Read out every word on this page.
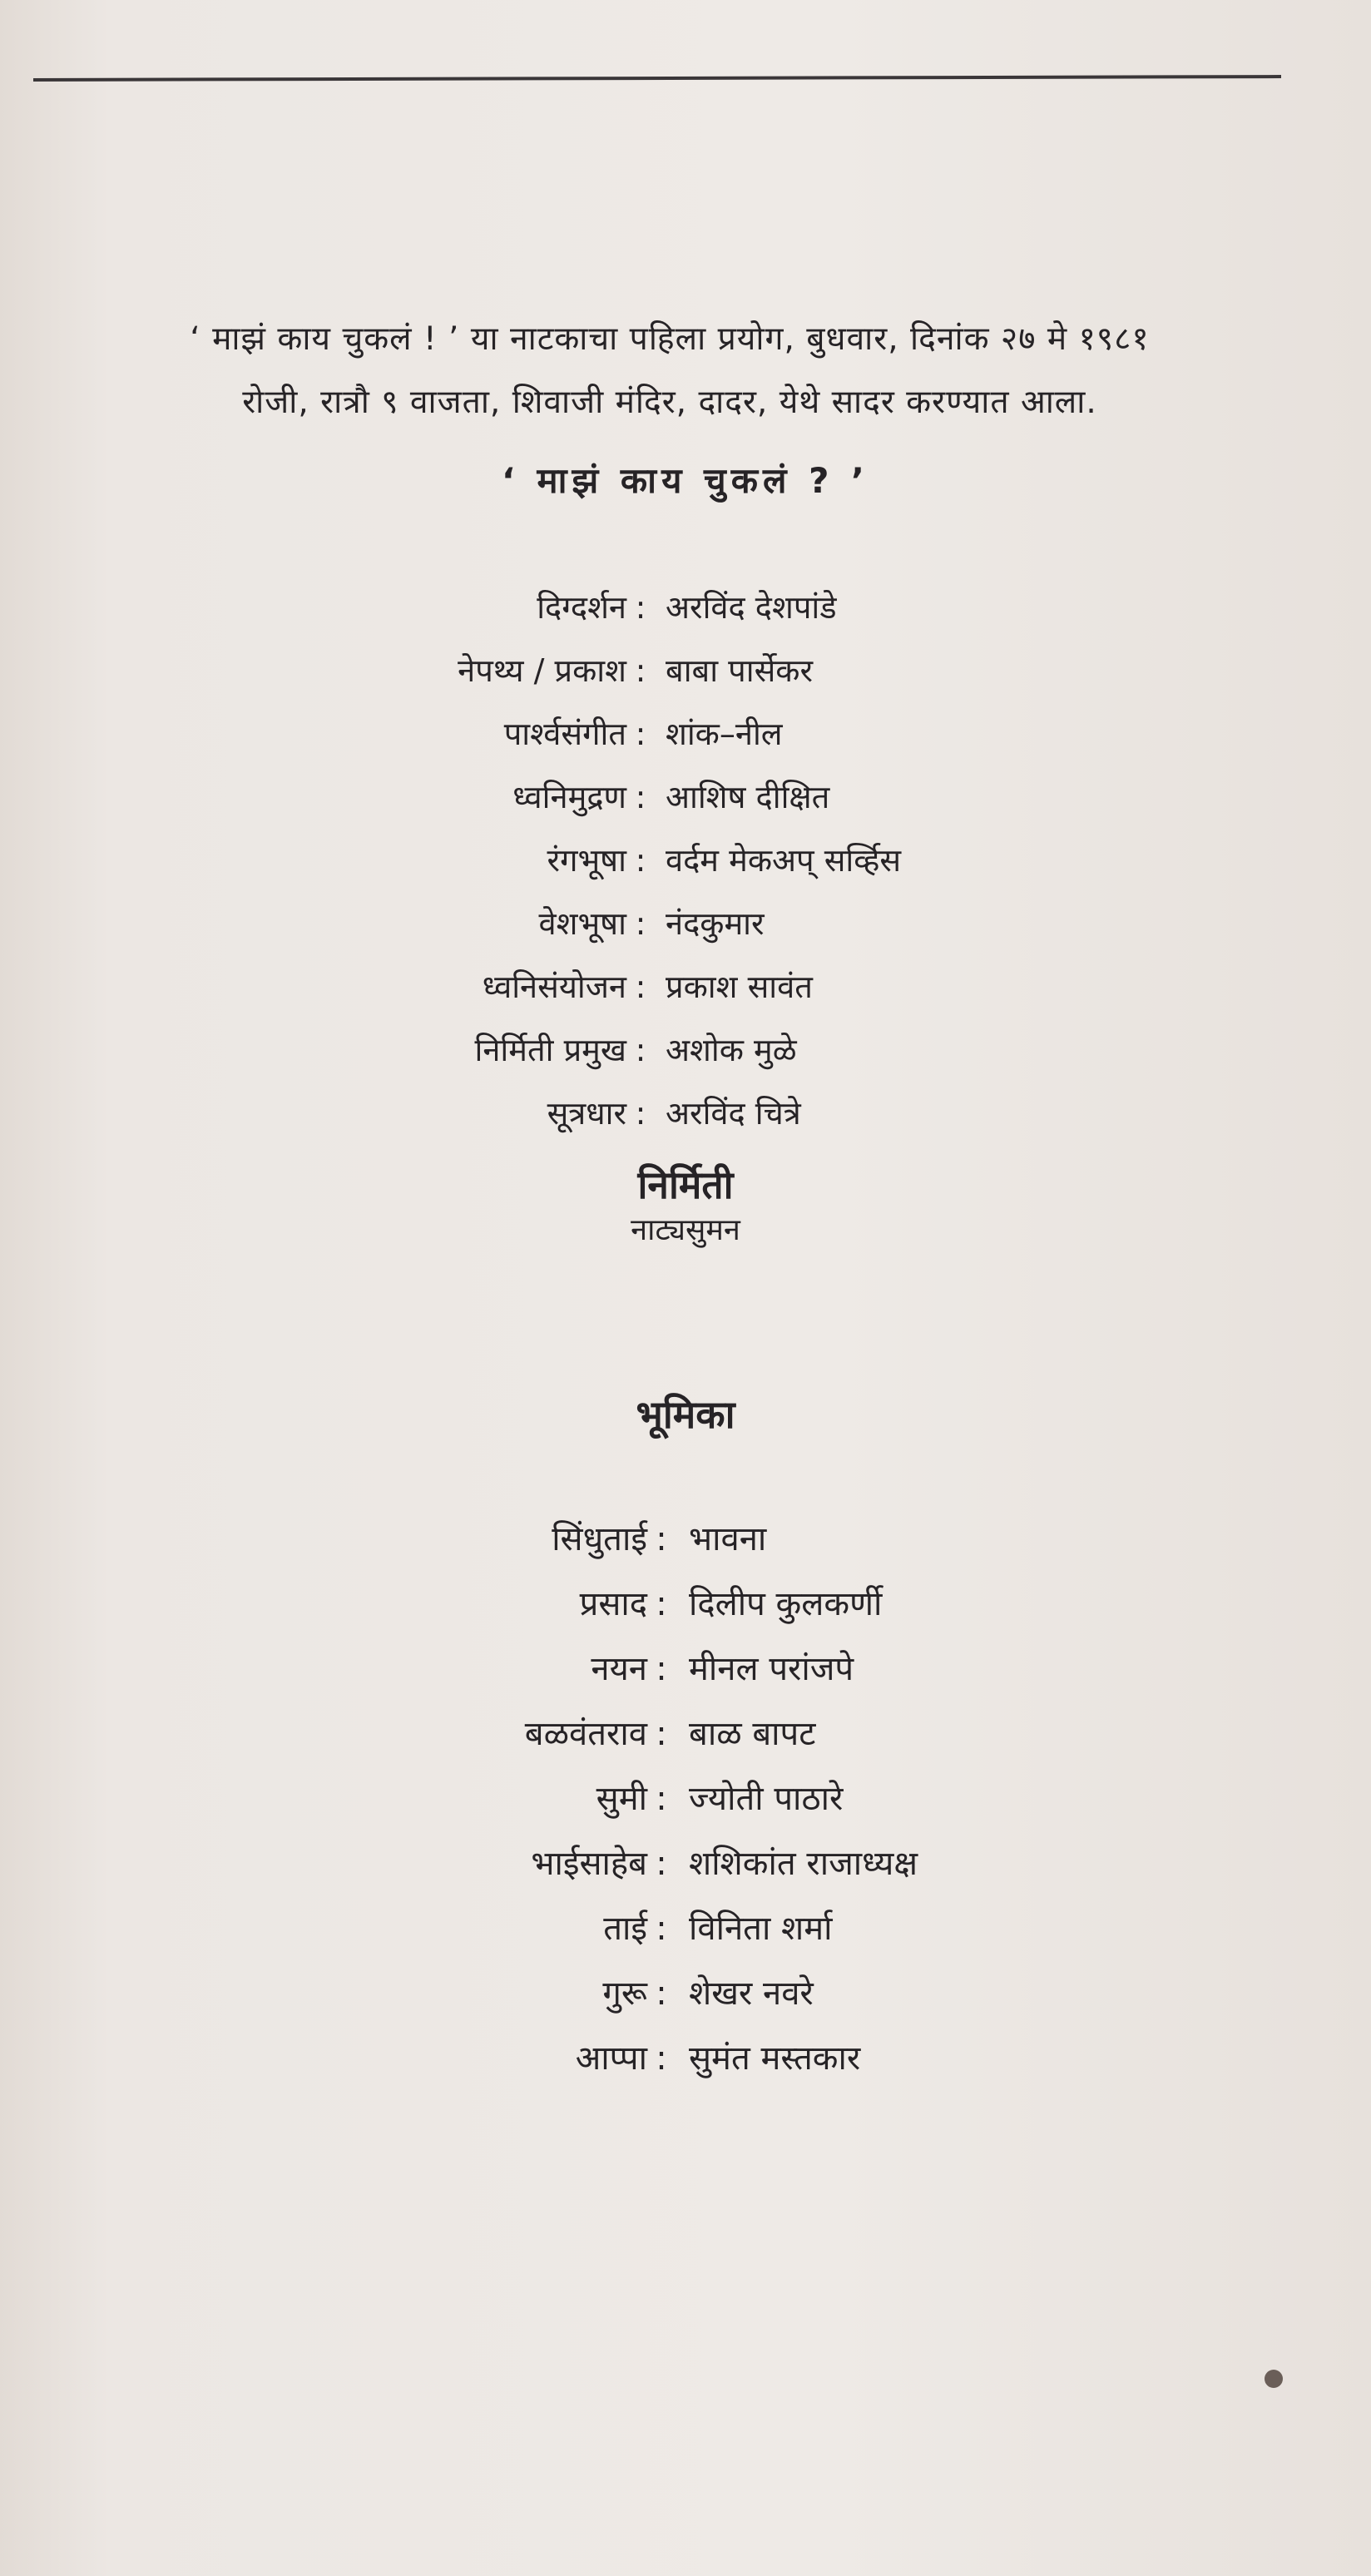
‘ माझं काय चुकलं ! ’ या नाटकाचा पहिला प्रयोग, बुधवार, दिनांक २७ मे १९८१
रोजी, रात्रौ ९ वाजता, शिवाजी मंदिर, दादर, येथे सादर करण्यात आला.
‘ माझं काय चुकलं ? ’
दिग्दर्शन : अरविंद देशपांडे
नेपथ्य / प्रकाश : बाबा पार्सेकर
पार्श्वसंगीत : शांक–नील
ध्वनिमुद्रण : आशिष दीक्षित
रंगभूषा : वर्दम मेकअप् सर्व्हिस
वेशभूषा : नंदकुमार
ध्वनिसंयोजन : प्रकाश सावंत
निर्मिती प्रमुख : अशोक मुळे
सूत्रधार : अरविंद चित्रे
निर्मिती
नाट्यसुमन
भूमिका
सिंधुताई : भावना
प्रसाद : दिलीप कुलकर्णी
नयन : मीनल परांजपे
बळवंतराव : बाळ बापट
सुमी : ज्योती पाठारे
भाईसाहेब : शशिकांत राजाध्यक्ष
ताई : विनिता शर्मा
गुरू : शेखर नवरे
आप्पा : सुमंत मस्तकार
